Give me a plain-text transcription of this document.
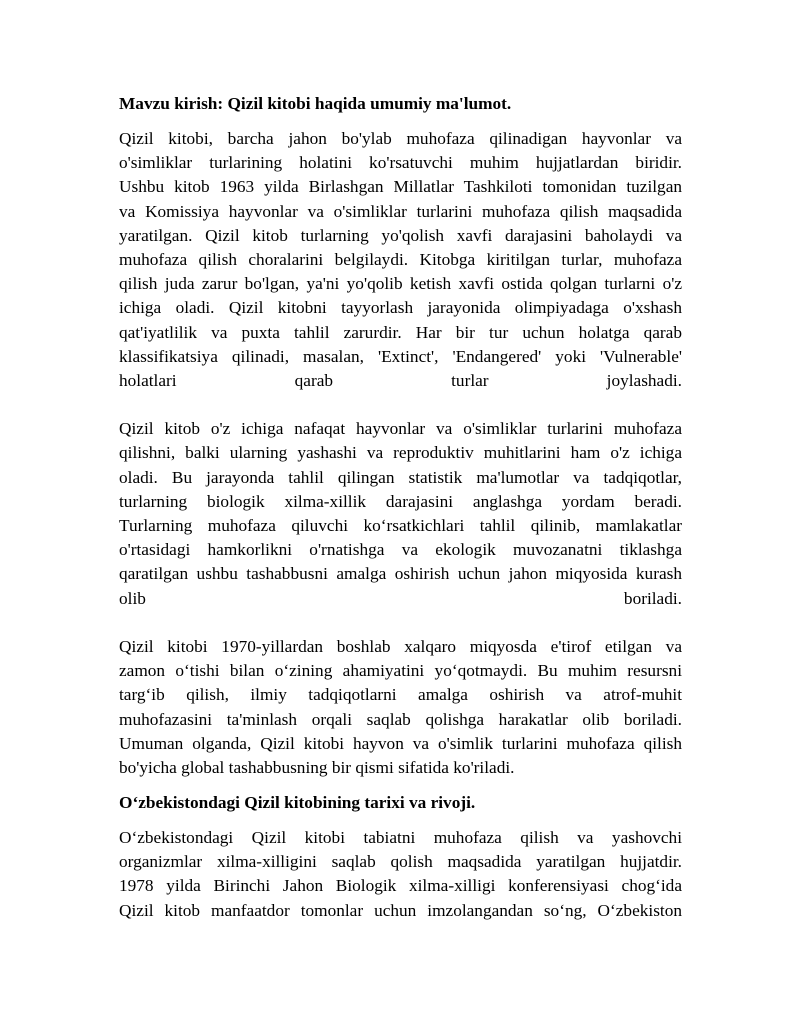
Mavzu kirish: Qizil kitobi haqida umumiy ma'lumot.
Qizil kitobi, barcha jahon bo'ylab muhofaza qilinadigan hayvonlar va
o'simliklar turlarining holatini ko'rsatuvchi muhim hujjatlardan biridir.
Ushbu kitob 1963 yilda Birlashgan Millatlar Tashkiloti tomonidan tuzilgan
va Komissiya hayvonlar va o'simliklar turlarini muhofaza qilish maqsadida
yaratilgan. Qizil kitob turlarning yo'qolish xavfi darajasini baholaydi va
muhofaza qilish choralarini belgilaydi. Kitobga kiritilgan turlar, muhofaza
qilish juda zarur bo'lgan, ya'ni yo'qolib ketish xavfi ostida qolgan turlarni o'z
ichiga oladi. Qizil kitobni tayyorlash jarayonida olimpiyadaga o'xshash
qat'iyatlilik va puxta tahlil zarurdir. Har bir tur uchun holatga qarab
klassifikatsiya qilinadi, masalan, 'Extinct', 'Endangered' yoki 'Vulnerable'
holatlari qarab turlar joylashadi.
Qizil kitob o'z ichiga nafaqat hayvonlar va o'simliklar turlarini muhofaza
qilishni, balki ularning yashashi va reproduktiv muhitlarini ham o'z ichiga
oladi. Bu jarayonda tahlil qilingan statistik ma'lumotlar va tadqiqotlar,
turlarning biologik xilma-xillik darajasini anglashga yordam beradi.
Turlarning muhofaza qiluvchi ko‘rsatkichlari tahlil qilinib, mamlakatlar
o'rtasidagi hamkorlikni o'rnatishga va ekologik muvozanatni tiklashga
qaratilgan ushbu tashabbusni amalga oshirish uchun jahon miqyosida kurash
olib boriladi.
Qizil kitobi 1970-yillardan boshlab xalqaro miqyosda e'tirof etilgan va
zamon o‘tishi bilan o‘zining ahamiyatini yo‘qotmaydi. Bu muhim resursni
targ‘ib qilish, ilmiy tadqiqotlarni amalga oshirish va atrof-muhit
muhofazasini ta'minlash orqali saqlab qolishga harakatlar olib boriladi.
Umuman olganda, Qizil kitobi hayvon va o'simlik turlarini muhofaza qilish
bo'yicha global tashabbusning bir qismi sifatida ko'riladi.
O‘zbekistondagi Qizil kitobining tarixi va rivoji.
O‘zbekistondagi Qizil kitobi tabiatni muhofaza qilish va yashovchi
organizmlar xilma-xilligini saqlab qolish maqsadida yaratilgan hujjatdir.
1978 yilda Birinchi Jahon Biologik xilma-xilligi konferensiyasi chog‘ida
Qizil kitob manfaatdor tomonlar uchun imzolangandan so‘ng, O‘zbekiston
